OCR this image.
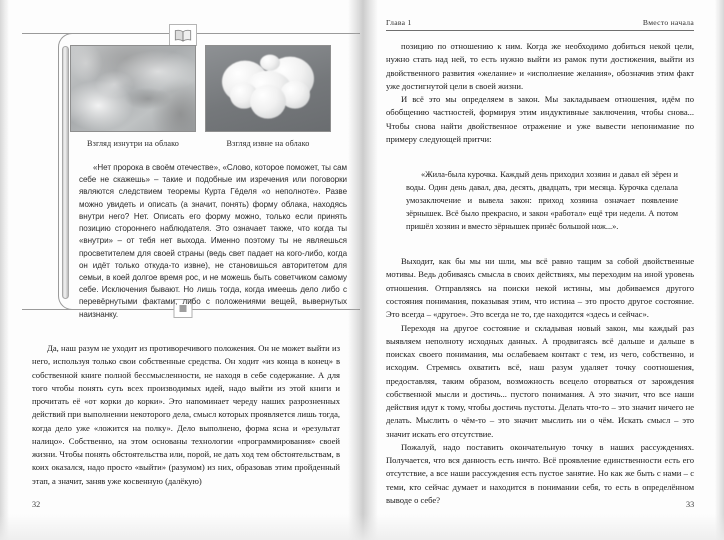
Взгляд изнутри на облако	Взгляд извне на облако
«Нет пророка в своём отечестве», «Слово, которое поможет, ты сам себе не скажешь» – такие и подобные им изречения или поговорки являются следствием теоремы Курта Гёделя «о неполноте». Разве можно увидеть и описать (а значит, понять) форму облака, находясь внутри него? Нет. Описать его форму можно, только если принять позицию стороннего наблюдателя. Это означает также, что когда ты «внутри» – от тебя нет выхода. Именно поэтому ты не являешься просветителем для своей страны (ведь свет падает на кого-либо, когда он идёт только откуда-то извне), не становишься авторитетом для семьи, в коей долгое время рос, и не можешь быть советчиком самому себе. Исключения бывают. Но лишь тогда, когда имеешь дело либо с перевёрнутыми фактами, либо с положениями вещей, вывернутых наизнанку.

Да, наш разум не уходит из противоречивого положения. Он не может выйти из него, используя только свои собственные средства. Он ходит «из конца в конец» в собственной книге полной бессмысленности, не находя в себе содержание. А для того чтобы понять суть всех производимых идей, надо выйти из этой книги и прочитать её «от корки до корки». Это напоминает череду наших разрозненных действий при выполнении некоторого дела, смысл которых проявляется лишь тогда, когда дело уже «ложится на полку». Дело выполнено, форма ясна и «результат налицо». Собственно, на этом основаны технологии «программирования» своей жизни. Чтобы понять обстоятельства или, порой, не дать ход тем обстоятельствам, в коих оказался, надо просто «выйти» (разумом) из них, образовав этим пройденный этап, а значит, заняв уже косвенную (далёкую)

32
Глава 1	Вместо начала

позицию по отношению к ним. Когда же необходимо добиться некой цели, нужно стать над ней, то есть нужно выйти из рамок пути достижения, выйти из двойственного развития «желание» и «исполнение желания», обозначив этим факт уже достигнутой цели в своей жизни.

И всё это мы определяем в закон. Мы закладываем отношения, идём по обобщению частностей, формируя этим индуктивные заключения, чтобы снова... Чтобы снова найти двойственное отражение и уже вывести непонимание по примеру следующей притчи:

«Жила-была курочка. Каждый день приходил хозяин и давал ей зёрен и воды. Один день давал, два, десять, двадцать, три месяца. Курочка сделала умозаключение и вывела закон: приход хозяина означает появление зёрнышек. Всё было прекрасно, и закон «работал» ещё три недели. А потом пришёл хозяин и вместо зёрнышек принёс большой нож...».

Выходит, как бы мы ни шли, мы всё равно тащим за собой двойственные мотивы. Ведь добиваясь смысла в своих действиях, мы переходим на иной уровень отношения. Отправляясь на поиски некой истины, мы добиваемся другого состояния понимания, показывая этим, что истина – это просто другое состояние. Это всегда – «другое». Это всегда не то, где находится «здесь и сейчас».

Переходя на другое состояние и складывая новый закон, мы каждый раз выявляем неполноту исходных данных. А продвигаясь всё дальше и дальше в поисках своего понимания, мы ослабеваем контакт с тем, из чего, собственно, и исходим. Стремясь охватить всё, наш разум удаляет точку соотношения, предоставляя, таким образом, возможность всецело оторваться от зарождения собственной мысли и достичь... пустого понимания. А это значит, что все наши действия идут к тому, чтобы достичь пустоты. Делать что-то – это значит ничего не делать. Мыслить о чём-то – это значит мыслить ни о чём. Искать смысл – это значит искать его отсутствие.

Пожалуй, надо поставить окончательную точку в наших рассуждениях. Получается, что вся данность есть ничто. Всё проявление единственности есть его отсутствие, а все наши рассуждения есть пустое занятие. Но как же быть с нами – с теми, кто сейчас думает и находится в понимании себя, то есть в определённом выводе о себе?	33
